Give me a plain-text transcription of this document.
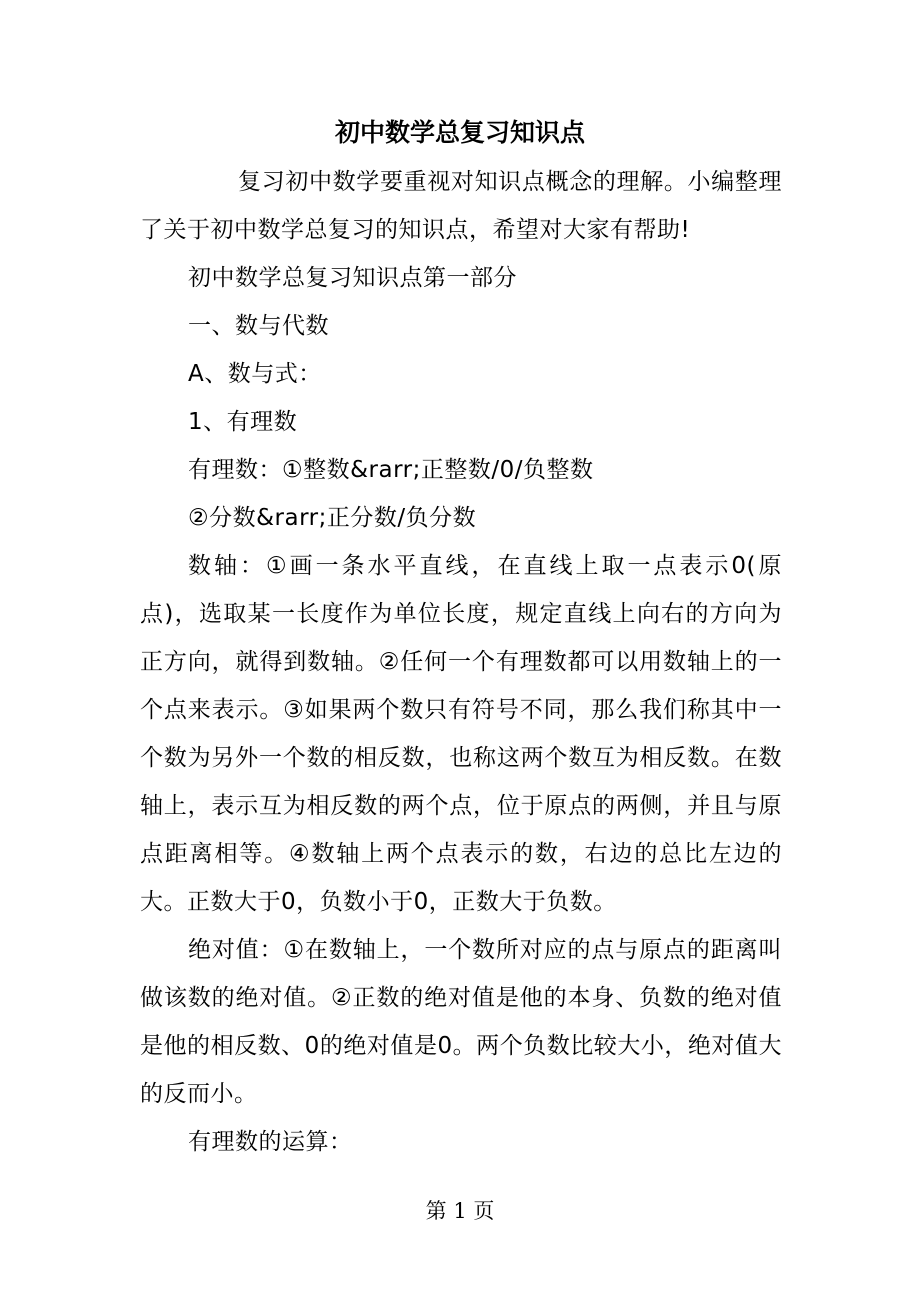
初中数学总复习知识点

复习初中数学要重视对知识点概念的理解。小编整理了关于初中数学总复习的知识点，希望对大家有帮助!

初中数学总复习知识点第一部分

一、数与代数

A、数与式：

1、有理数

有理数：①整数&rarr;正整数/0/负整数

②分数&rarr;正分数/负分数

数轴：①画一条水平直线，在直线上取一点表示0(原点)，选取某一长度作为单位长度，规定直线上向右的方向为正方向，就得到数轴。②任何一个有理数都可以用数轴上的一个点来表示。③如果两个数只有符号不同，那么我们称其中一个数为另外一个数的相反数，也称这两个数互为相反数。在数轴上，表示互为相反数的两个点，位于原点的两侧，并且与原点距离相等。④数轴上两个点表示的数，右边的总比左边的大。正数大于0，负数小于0，正数大于负数。

绝对值：①在数轴上，一个数所对应的点与原点的距离叫做该数的绝对值。②正数的绝对值是他的本身、负数的绝对值是他的相反数、0的绝对值是0。两个负数比较大小，绝对值大的反而小。

有理数的运算：

第 1 页
